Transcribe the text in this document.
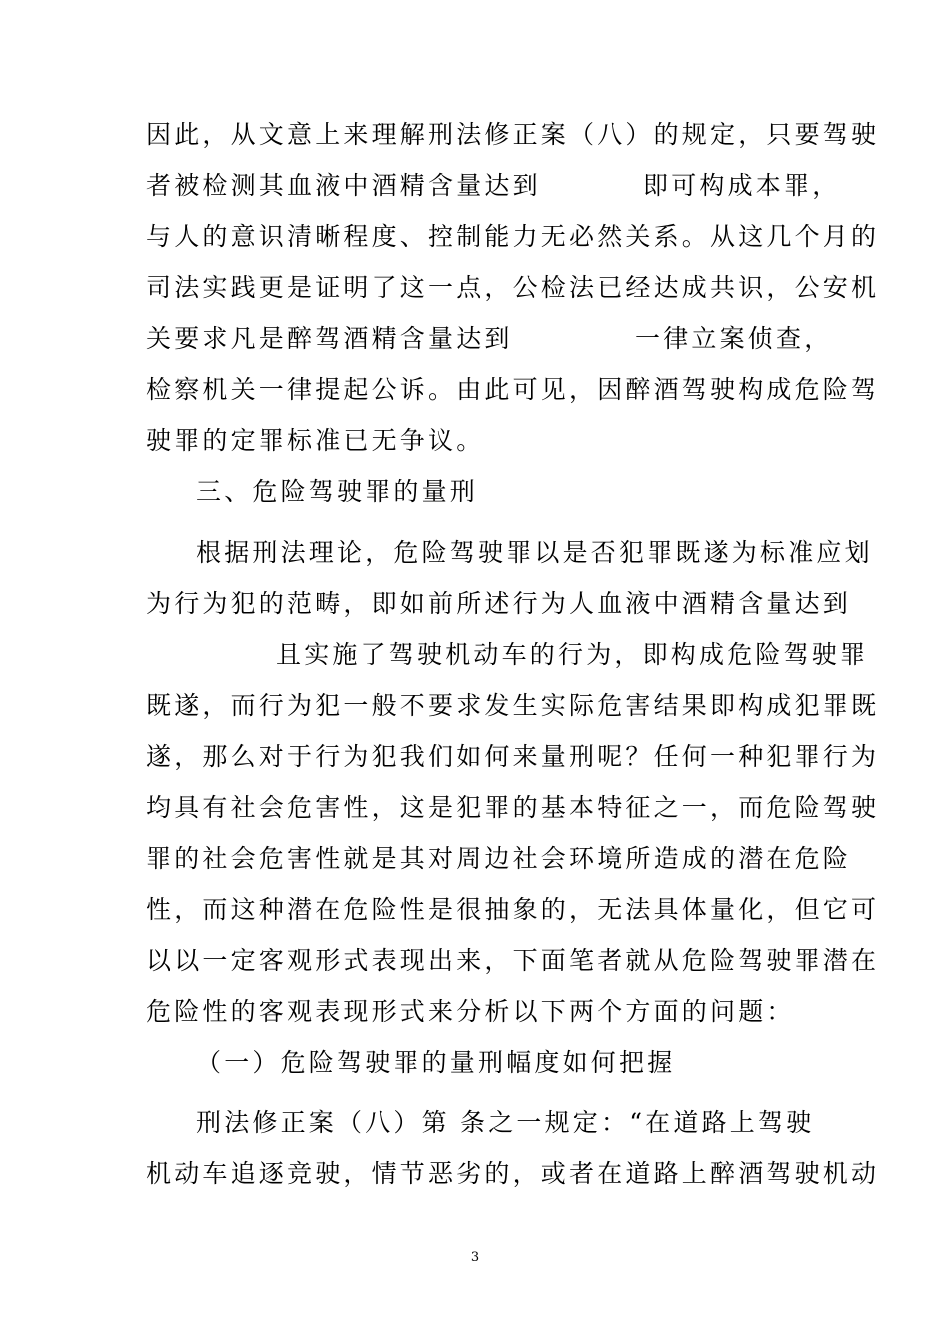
因此，从文意上来理解刑法修正案（八）的规定，只要驾驶
者被检测其血液中酒精含量达到	即可构成本罪，
与人的意识清晰程度、控制能力无必然关系。从这几个月的
司法实践更是证明了这一点，公检法已经达成共识，公安机
关要求凡是醉驾酒精含量达到	一律立案侦查，
检察机关一律提起公诉。由此可见，因醉酒驾驶构成危险驾
驶罪的定罪标准已无争议。
三、危险驾驶罪的量刑
根据刑法理论，危险驾驶罪以是否犯罪既遂为标准应划
为行为犯的范畴，即如前所述行为人血液中酒精含量达到
且实施了驾驶机动车的行为，即构成危险驾驶罪
既遂，而行为犯一般不要求发生实际危害结果即构成犯罪既
遂，那么对于行为犯我们如何来量刑呢？任何一种犯罪行为
均具有社会危害性，这是犯罪的基本特征之一，而危险驾驶
罪的社会危害性就是其对周边社会环境所造成的潜在危险
性，而这种潜在危险性是很抽象的，无法具体量化，但它可
以以一定客观形式表现出来，下面笔者就从危险驾驶罪潜在
危险性的客观表现形式来分析以下两个方面的问题：
（一）危险驾驶罪的量刑幅度如何把握
刑法修正案（八）第 条之一规定：“在道路上驾驶
机动车追逐竞驶，情节恶劣的，或者在道路上醉酒驾驶机动
3
